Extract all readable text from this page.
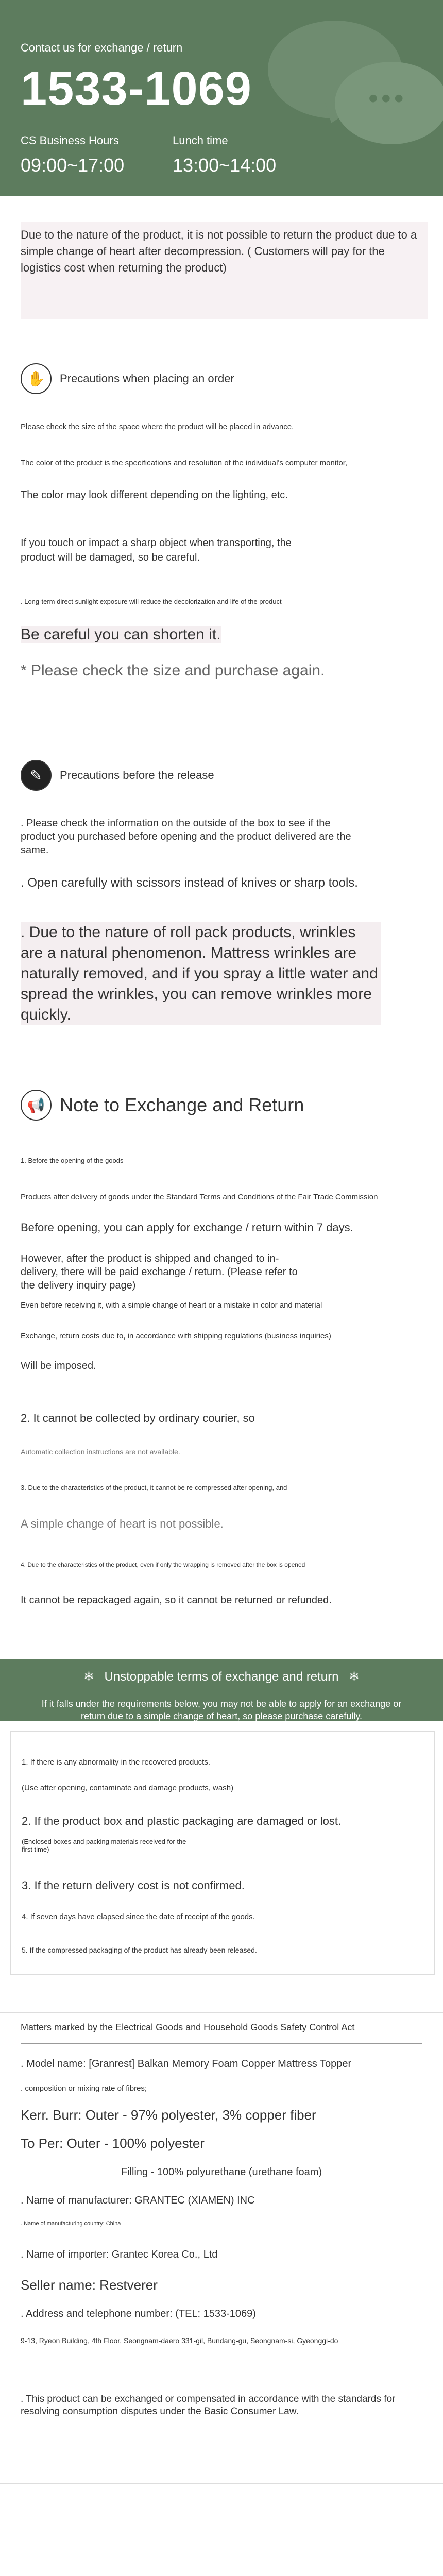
•••
Contact us for exchange / return
1533-1069
CS Business Hours
09:00~17:00
Lunch time
13:00~14:00

Due to the nature of the product, it is not possible to return the product due to a simple change of heart after decompression. ( Customers will pay for the logistics cost when returning the product)

✋	Precautions when placing an order
Please check the size of the space where the product will be placed in advance.
The color of the product is the specifications and resolution of the individual's computer monitor,
The color may look different depending on the lighting, etc.
If you touch or impact a sharp object when transporting, the product will be damaged, so be careful.
. Long-term direct sunlight exposure will reduce the decolorization and life of the product
Be careful you can shorten it.
* Please check the size and purchase again.
✎	Precautions before the release
. Please check the information on the outside of the box to see if the product you purchased before opening and the product delivered are the same.
. Open carefully with scissors instead of knives or sharp tools.
. Due to the nature of roll pack products, wrinkles are a natural phenomenon. Mattress wrinkles are naturally removed, and if you spray a little water and spread the wrinkles, you can remove wrinkles more quickly.
📢 Note to Exchange and Return
1. Before the opening of the goods
Products after delivery of goods under the Standard Terms and Conditions of the Fair Trade Commission
Before opening, you can apply for exchange / return within 7 days.
However, after the product is shipped and changed to in-delivery, there will be paid exchange / return. (Please refer to the delivery inquiry page)
Even before receiving it, with a simple change of heart or a mistake in color and material
Exchange, return costs due to, in accordance with shipping regulations (business inquiries)
Will be imposed.
2. It cannot be collected by ordinary courier, so
Automatic collection instructions are not available.
3. Due to the characteristics of the product, it cannot be re-compressed after opening, and
A simple change of heart is not possible.
4. Due to the characteristics of the product, even if only the wrapping is removed after the box is opened
It cannot be repackaged again, so it cannot be returned or refunded.
❄ Unstoppable terms of exchange and return ❄
If it falls under the requirements below, you may not be able to apply for an exchange or return due to a simple change of heart, so please purchase carefully.
1. If there is any abnormality in the recovered products.
(Use after opening, contaminate and damage products, wash)
2. If the product box and plastic packaging are damaged or lost.
(Enclosed boxes and packing materials received for the first time)
3. If the return delivery cost is not confirmed.
4. If seven days have elapsed since the date of receipt of the goods.
5. If the compressed packaging of the product has already been released.
Matters marked by the Electrical Goods and Household Goods Safety Control Act
. Model name: [Granrest] Balkan Memory Foam Copper Mattress Topper
. composition or mixing rate of fibres;
Kerr. Burr: Outer - 97% polyester, 3% copper fiber
To Per: Outer - 100% polyester
Filling - 100% polyurethane (urethane foam)
. Name of manufacturer: GRANTEC (XIAMEN) INC
. Name of manufacturing country: China
. Name of importer: Grantec Korea Co., Ltd
Seller name: Restverer
. Address and telephone number: (TEL: 1533-1069)
9-13, Ryeon Building, 4th Floor, Seongnam-daero 331-gil, Bundang-gu, Seongnam-si, Gyeonggi-do
. This product can be exchanged or compensated in accordance with the standards for resolving consumption disputes under the Basic Consumer Law.
